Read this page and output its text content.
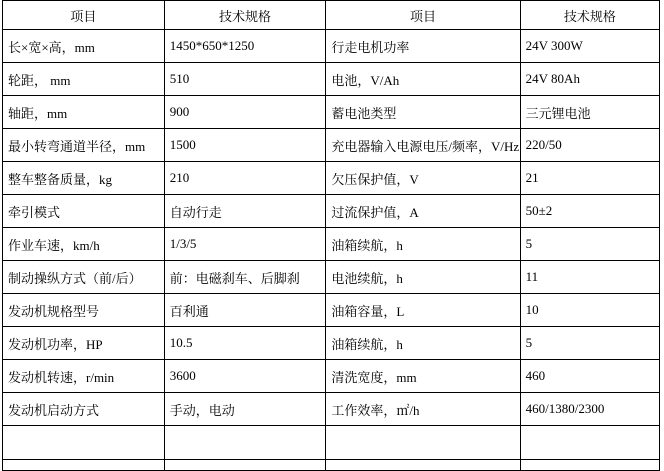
项目	技术规格	项目	技术规格
长×宽×高，mm	1450*650*1250	行走电机功率	24V 300W
轮距， mm	510	电池，V/Ah	24V 80Ah
轴距，mm	900	蓄电池类型	三元锂电池
最小转弯通道半径，mm	1500	充电器输入电源电压/频率，V/Hz	220/50
整车整备质量，kg	210	欠压保护值，V	21
牵引模式	自动行走	过流保护值，A	50±2
作业车速，km/h	1/3/5	油箱续航，h	5
制动操纵方式（前/后）	前：电磁刹车、后脚刹	电池续航，h	11
发动机规格型号	百利通	油箱容量，L	10
发动机功率，HP	10.5	油箱续航，h	5
发动机转速，r/min	3600	清洗宽度，mm	460
发动机启动方式	手动，电动	工作效率，㎡/h	460/1380/2300
